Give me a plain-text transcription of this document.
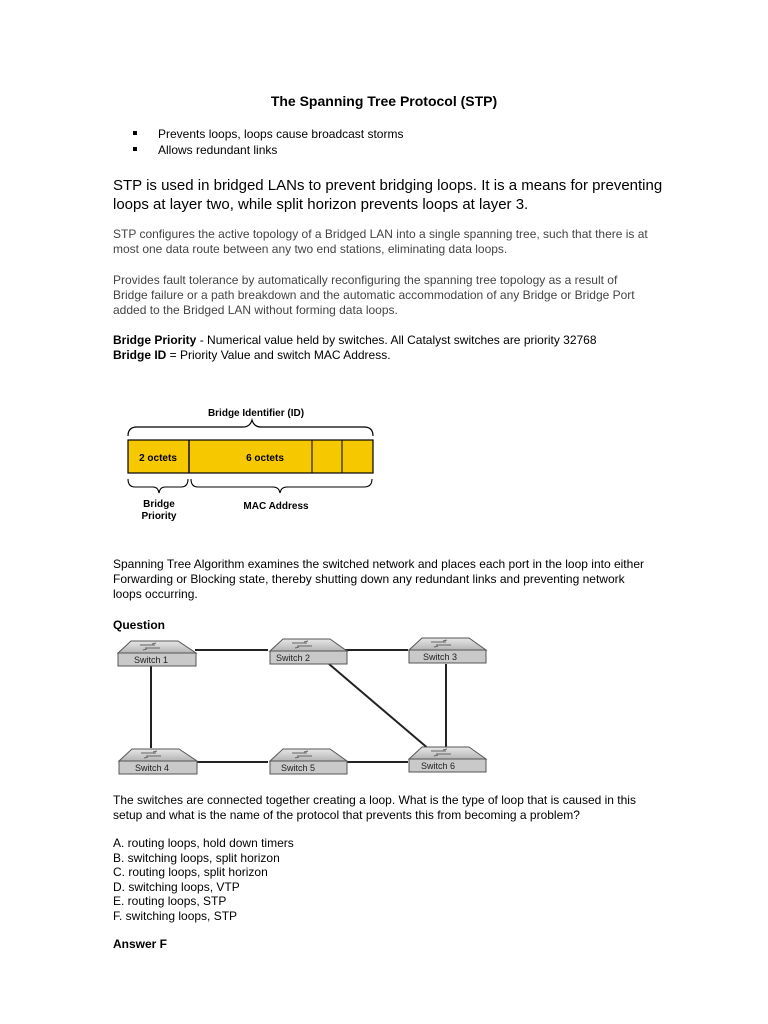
The Spanning Tree Protocol (STP)
Prevents loops, loops cause broadcast storms
Allows redundant links
STP is used in bridged LANs to prevent bridging loops. It is a means for preventing loops at layer two, while split horizon prevents loops at layer 3.
STP configures the active topology of a Bridged LAN into a single spanning tree, such that there is at most one data route between any two end stations, eliminating data loops.
Provides fault tolerance by automatically reconfiguring the spanning tree topology as a result of Bridge failure or a path breakdown and the automatic accommodation of any Bridge or Bridge Port added to the Bridged LAN without forming data loops.
Bridge Priority - Numerical value held by switches. All Catalyst switches are priority 32768
Bridge ID = Priority Value and switch MAC Address.
Bridge Identifier (ID)
2 octets	6 octets
Bridge
Priority
MAC Address
Spanning Tree Algorithm examines the switched network and places each port in the loop into either Forwarding or Blocking state, thereby shutting down any redundant links and preventing network loops occurring.
Question
Switch 1	Switch 2	Switch 3
Switch 4	Switch 5	Switch 6
The switches are connected together creating a loop. What is the type of loop that is caused in this setup and what is the name of the protocol that prevents this from becoming a problem?
A. routing loops, hold down timers
B. switching loops, split horizon
C. routing loops, split horizon
D. switching loops, VTP
E. routing loops, STP
F. switching loops, STP
Answer F
